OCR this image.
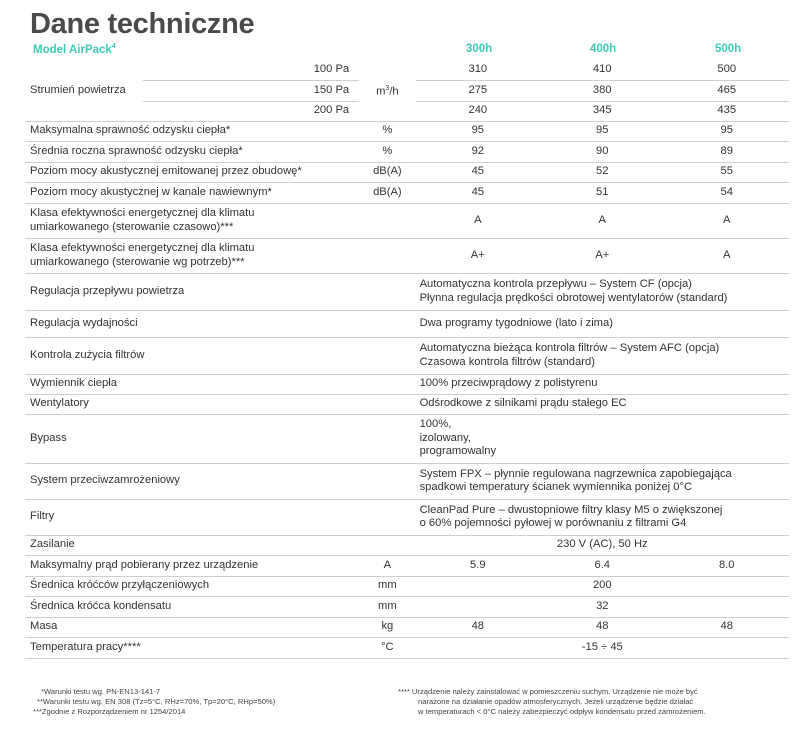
Dane techniczne
Model AirPack$^4$	300h	400h	500h
Strumień powietrza	100 Pa	$m^3/h$	310	410	500
	150 Pa		275	380	465
	200 Pa		240	345	435
Maksymalna sprawność odzysku ciepła*		%	95	95	95
Średnia roczna sprawność odzysku ciepła*		%	92	90	89
Poziom mocy akustycznej emitowanej przez obudowę*		dB(A)	45	52	55
Poziom mocy akustycznej w kanale nawiewnym*		dB(A)	45	51	54

Klasa efektywności energetycznej dla klimatu
umiarkowanego (sterowanie czasowo)***			A	A	A

Klasa efektywności energetycznej dla klimatu
umiarkowanego (sterowanie wg potrzeb)***			A+	A+	A
Regulacja przepływu powietrza			Automatyczna kontrola przepływu – System CF (opcja)
Płynna regulacja prędkości obrotowej wentylatorów (standard)		

Regulacja wydajności			Dwa programy tygodniowe (lato i zima)		

Kontrola zużycia filtrów			Automatyczna bieżąca kontrola filtrów – System AFC (opcja)
Czasowa kontrola filtrów (standard)		

Wymiennik ciepła			100% przeciwprądowy z polistyrenu		

Wentylatory			Odśrodkowe z silnikami prądu stałego EC		

Bypass			100%,
izolowany,
programowalny		

System przeciwzamrożeniowy			System FPX – płynnie regulowana nagrzewnica zapobiegająca
spadkowi temperatury ścianek wymiennika poniżej 0°C		

Filtry			CleanPad Pure – dwustopniowe filtry klasy M5 o zwiększonej
o 60% pojemności pyłowej w porównaniu z filtrami G4		

Zasilanie			230 V (AC), 50 Hz		
Maksymalny prąd pobierany przez urządzenie		A	5.9	6.4	8.0
Średnica króćców przyłączeniowych		mm	200		
Średnica króćca kondensatu		mm	32		
Masa		kg	48	48	48
Temperatura pracy****		°C	-15 ÷ 45		
*Warunki testu wg. PN-EN13-141-7
**Warunki testu wg. EN 308 (Tz=5°C, RHz=70%, Tp=20°C, RHp=50%)
***Zgodnie z Rozporządzeniem nr 1254/2014
**** Urządzenie należy zainstalować w pomieszczeniu suchym. Urządzenie nie może być
narażone na działanie opadów atmosferycznych. Jeżeli urządzenie będzie działać
w temperaturach < 0°C należy zabezpieczyć odpływ kondensatu przed zamrożeniem.
